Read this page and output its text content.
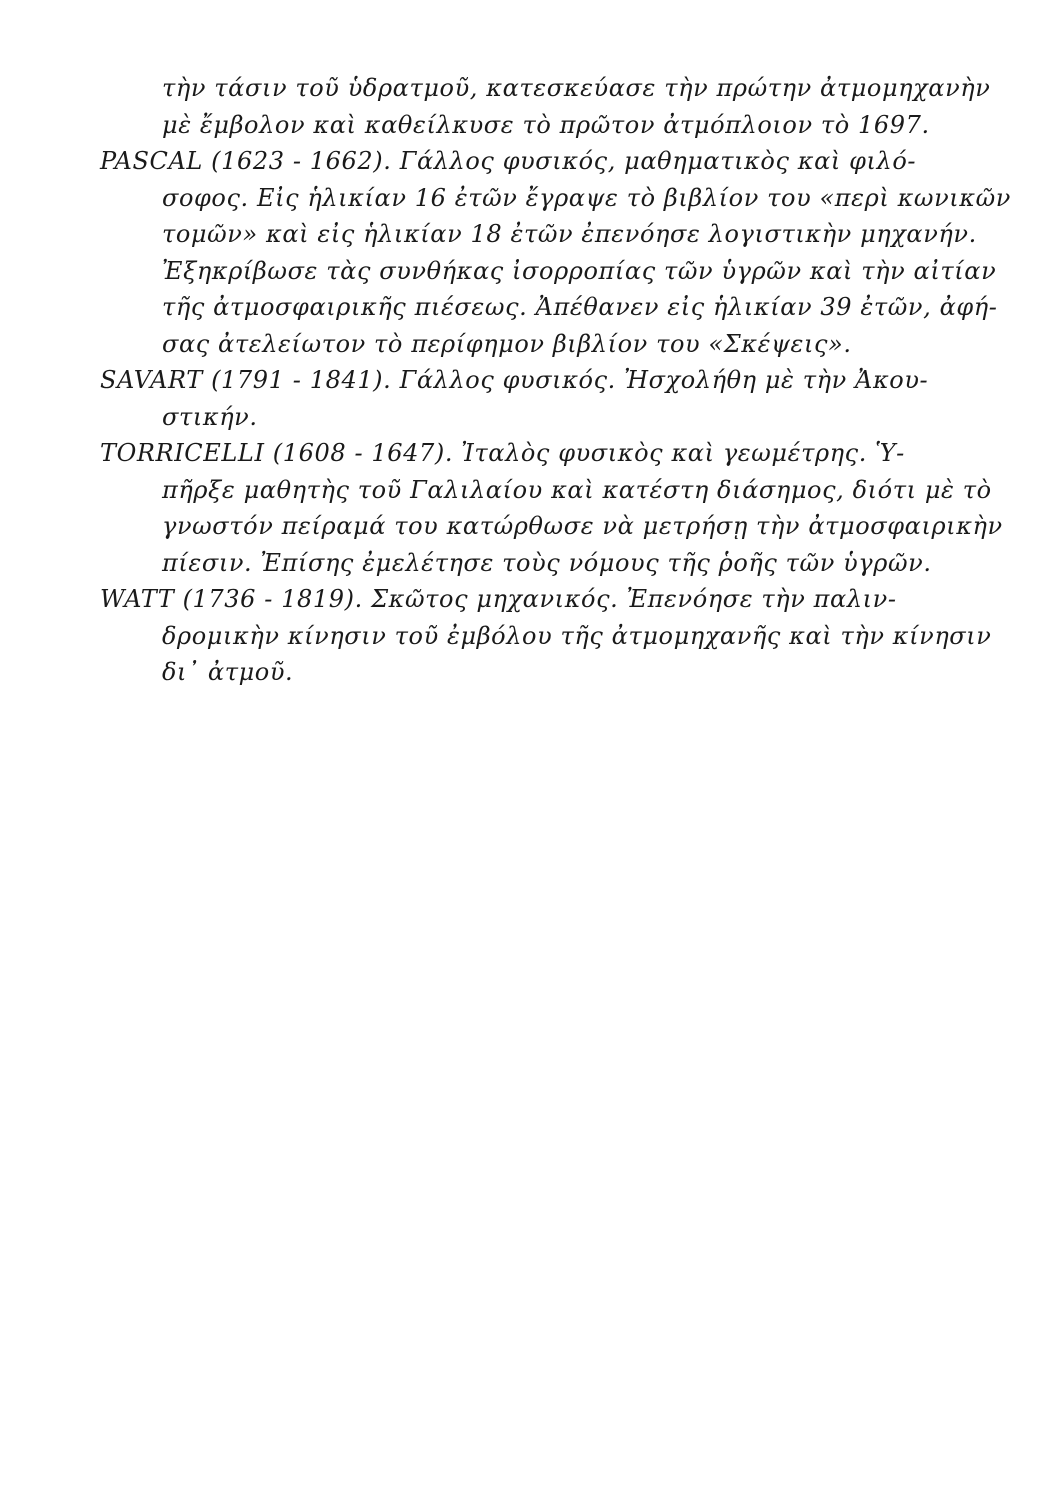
τὴν τάσιν τοῦ ὑδρατμοῦ, κατεσκεύασε τὴν πρώτην ἀτμομηχανὴν
μὲ ἔμβολον καὶ καθείλκυσε τὸ πρῶτον ἀτμόπλοιον τὸ 1697.
PASCAL (1623 - 1662). Γάλλος φυσικός, μαθηματικὸς καὶ φιλό-
σοφος. Εἰς ἡλικίαν 16 ἐτῶν ἔγραψε τὸ βιβλίον του «περὶ κωνικῶν
τομῶν» καὶ εἰς ἡλικίαν 18 ἐτῶν ἐπενόησε λογιστικὴν μηχανήν.
Ἐξηκρίβωσε τὰς συνθήκας ἰσορροπίας τῶν ὑγρῶν καὶ τὴν αἰτίαν
τῆς ἀτμοσφαιρικῆς πιέσεως. Ἀπέθανεν εἰς ἡλικίαν 39 ἐτῶν, ἀφή-
σας ἀτελείωτον τὸ περίφημον βιβλίον του «Σκέψεις».
SAVART (1791 - 1841). Γάλλος φυσικός. Ἠσχολήθη μὲ τὴν Ἀκου-
στικήν.
TORRICELLI (1608 - 1647). Ἰταλὸς φυσικὸς καὶ γεωμέτρης. Ὑ-
πῆρξε μαθητὴς τοῦ Γαλιλαίου καὶ κατέστη διάσημος, διότι μὲ τὸ
γνωστόν πείραμά του κατώρθωσε νὰ μετρήσῃ τὴν ἀτμοσφαιρικὴν
πίεσιν. Ἐπίσης ἐμελέτησε τοὺς νόμους τῆς ῥοῆς τῶν ὑγρῶν.
WATT (1736 - 1819). Σκῶτος μηχανικός. Ἐπενόησε τὴν παλιν-
δρομικὴν κίνησιν τοῦ ἐμβόλου τῆς ἀτμομηχανῆς καὶ τὴν κίνησιν
δι᾽ ἀτμοῦ.
